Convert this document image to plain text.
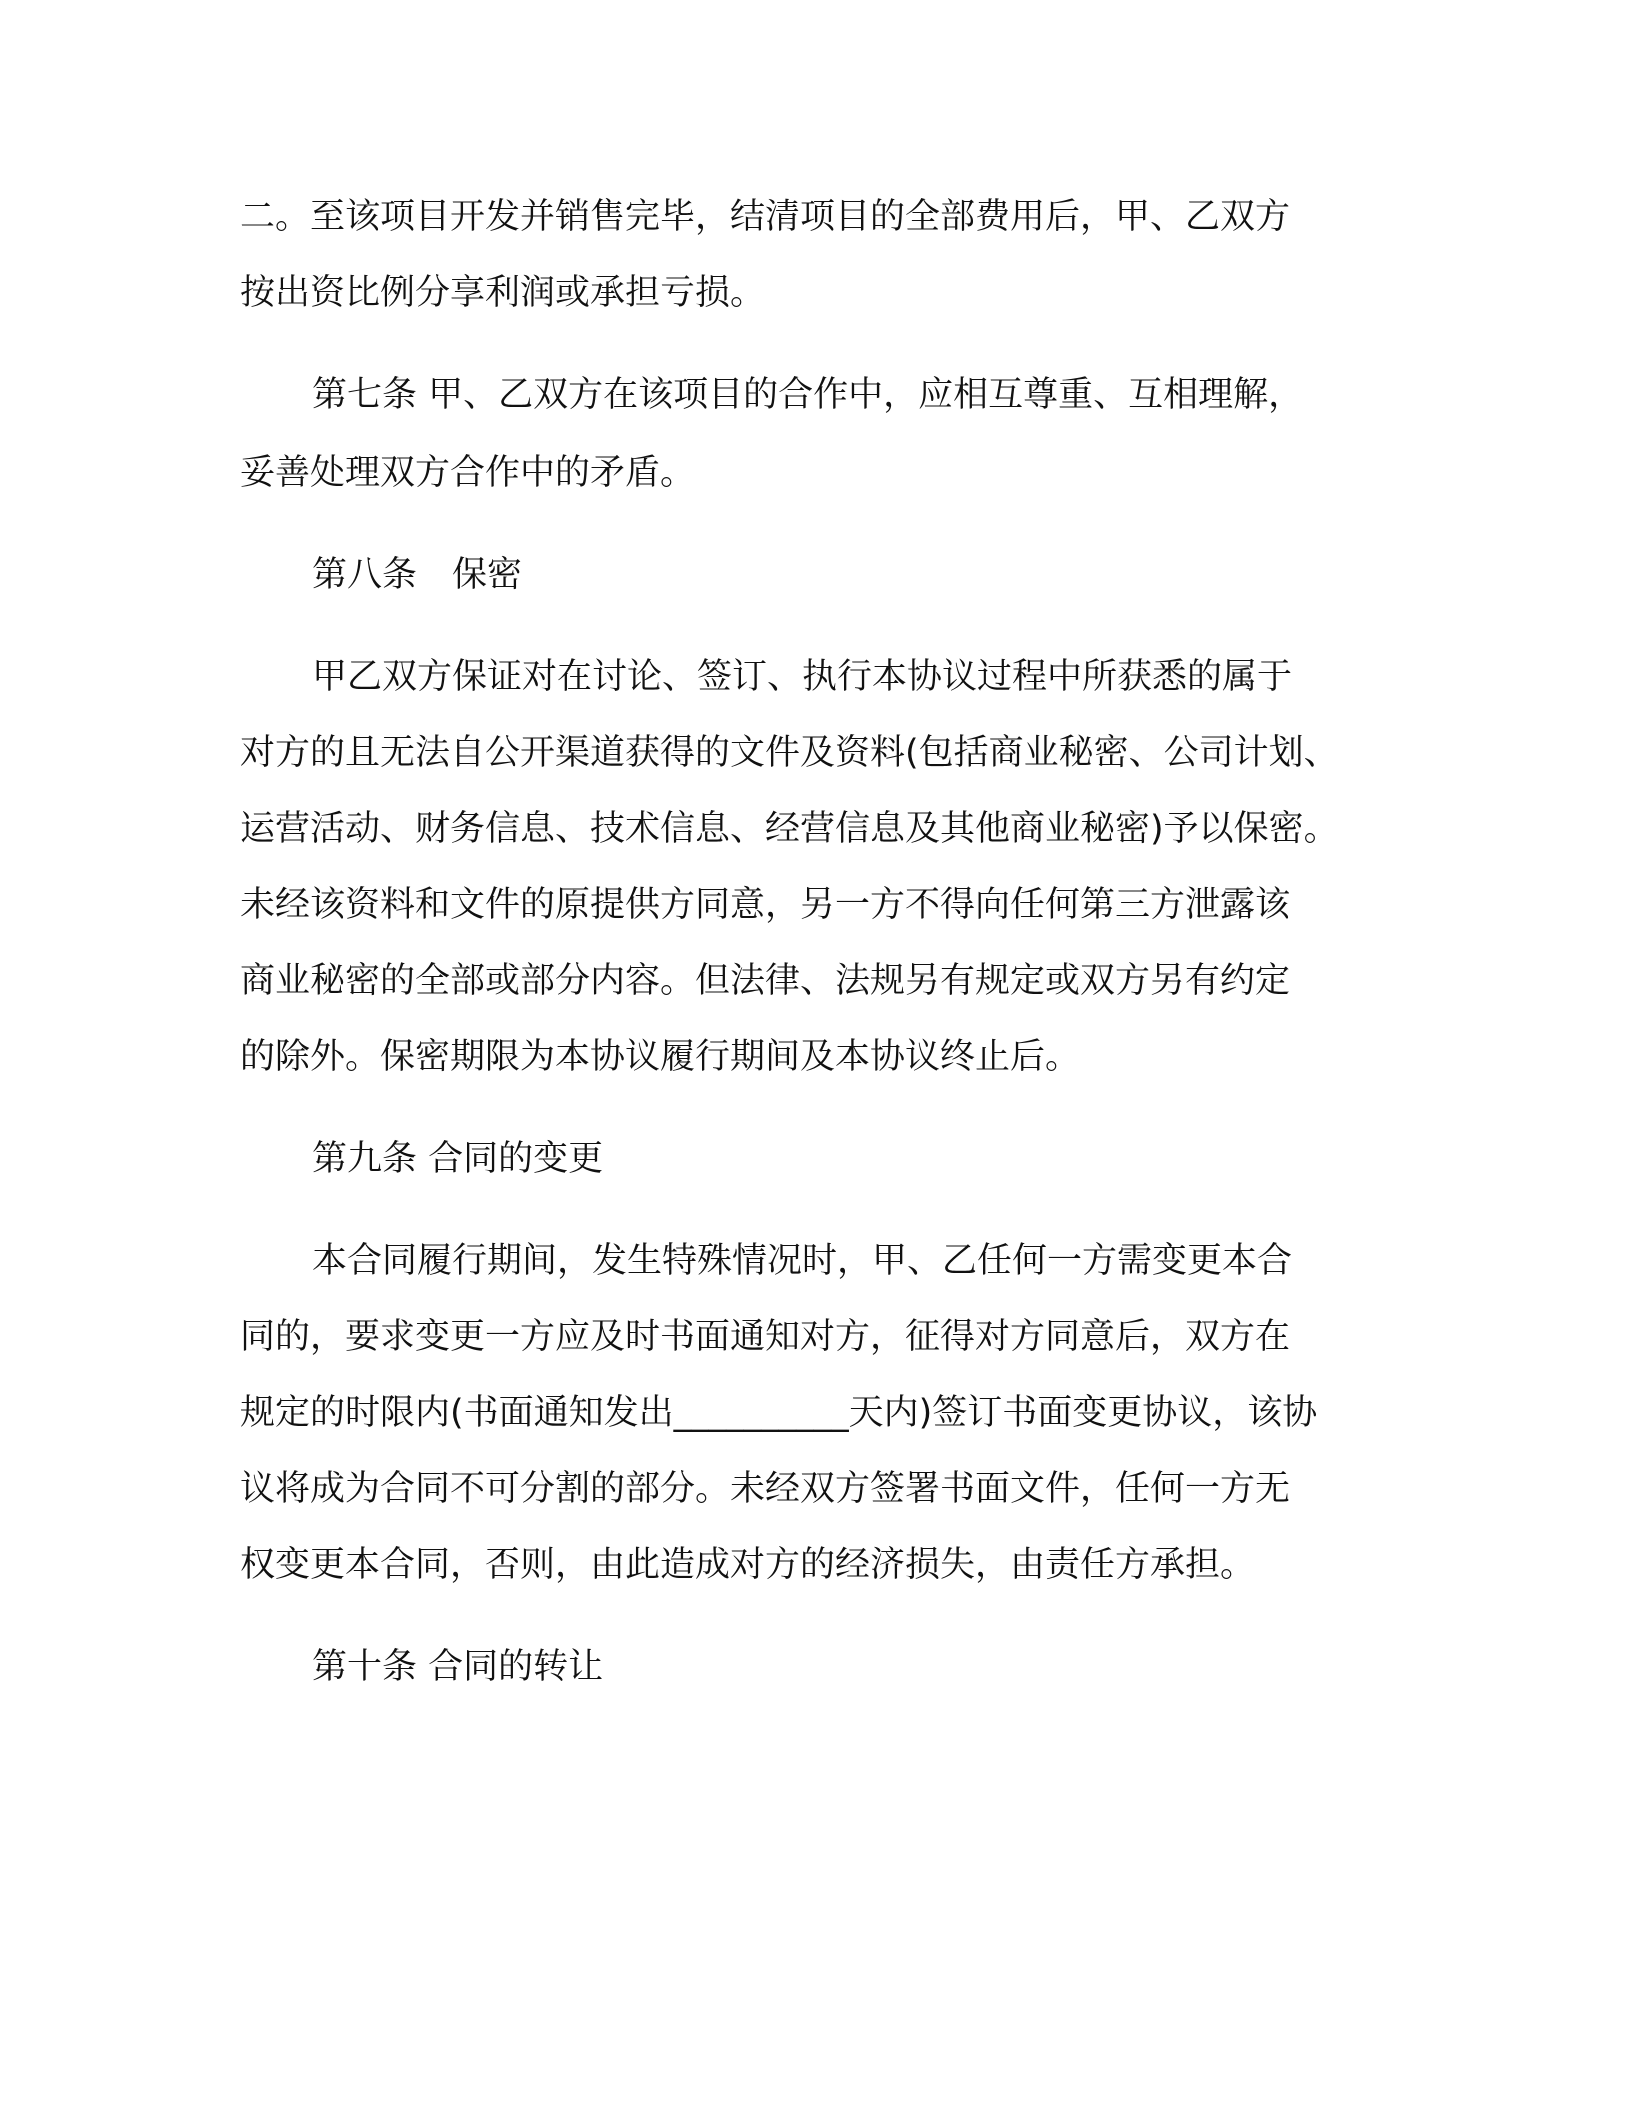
二。至该项目开发并销售完毕，结清项目的全部费用后，甲、乙双方
按出资比例分享利润或承担亏损。
第七条 甲、乙双方在该项目的合作中，应相互尊重、互相理解，
妥善处理双方合作中的矛盾。
第八条　保密
甲乙双方保证对在讨论、签订、执行本协议过程中所获悉的属于
对方的且无法自公开渠道获得的文件及资料(包括商业秘密、公司计划、
运营活动、财务信息、技术信息、经营信息及其他商业秘密)予以保密。
未经该资料和文件的原提供方同意，另一方不得向任何第三方泄露该
商业秘密的全部或部分内容。但法律、法规另有规定或双方另有约定
的除外。保密期限为本协议履行期间及本协议终止后。
第九条 合同的变更
本合同履行期间，发生特殊情况时，甲、乙任何一方需变更本合
同的，要求变更一方应及时书面通知对方，征得对方同意后，双方在
规定的时限内(书面通知发出__________天内)签订书面变更协议，该协
议将成为合同不可分割的部分。未经双方签署书面文件，任何一方无
权变更本合同，否则，由此造成对方的经济损失，由责任方承担。
第十条 合同的转让
